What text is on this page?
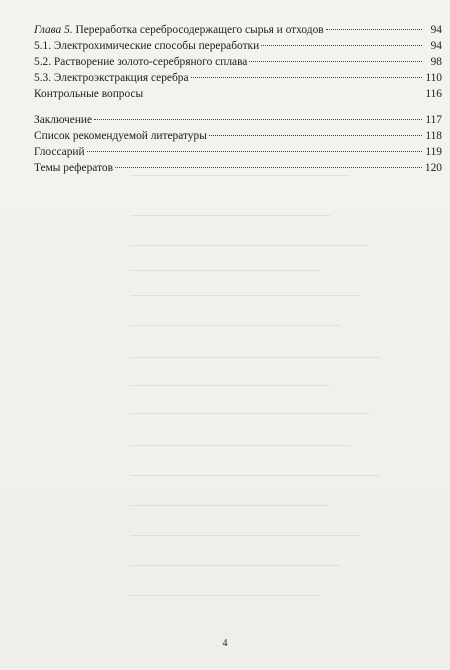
Глава 5. Переработка серебросодержащего сырья и отходов	94
5.1. Электрохимические способы переработки	94
5.2. Растворение золото-серебряного сплава	98
5.3. Электроэкстракция серебра	110
Контрольные вопросы	116
Заключение	117
Список рекомендуемой литературы	118
Глоссарий	119
Темы рефератов	120
4
